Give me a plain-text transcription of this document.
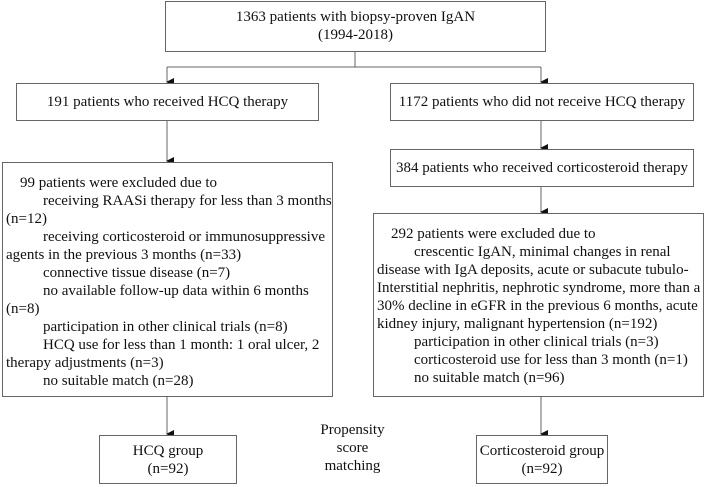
1363 patients with biopsy-proven IgAN
(1994-2018)
191 patients who received HCQ therapy	1172 patients who did not receive HCQ therapy
384 patients who received corticosteroid therapy
99 patients were excluded due to
receiving RAASi therapy for less than 3 months
(n=12)
receiving corticosteroid or immunosuppressive
agents in the previous 3 months (n=33)
connective tissue disease (n=7)
no available follow-up data within 6 months
(n=8)
participation in other clinical trials (n=8)
HCQ use for less than 1 month: 1 oral ulcer, 2
therapy adjustments (n=3)
no suitable match (n=28)
292 patients were excluded due to
crescentic IgAN, minimal changes in renal
disease with IgA deposits, acute or subacute tubulo-
Interstitial nephritis, nephrotic syndrome, more than a
30% decline in eGFR in the previous 6 months, acute
kidney injury, malignant hypertension (n=192)
participation in other clinical trials (n=3)
corticosteroid use for less than 3 month (n=1)
no suitable match (n=96)
HCQ group
(n=92)
Corticosteroid group
(n=92)
Propensity
score
matching
